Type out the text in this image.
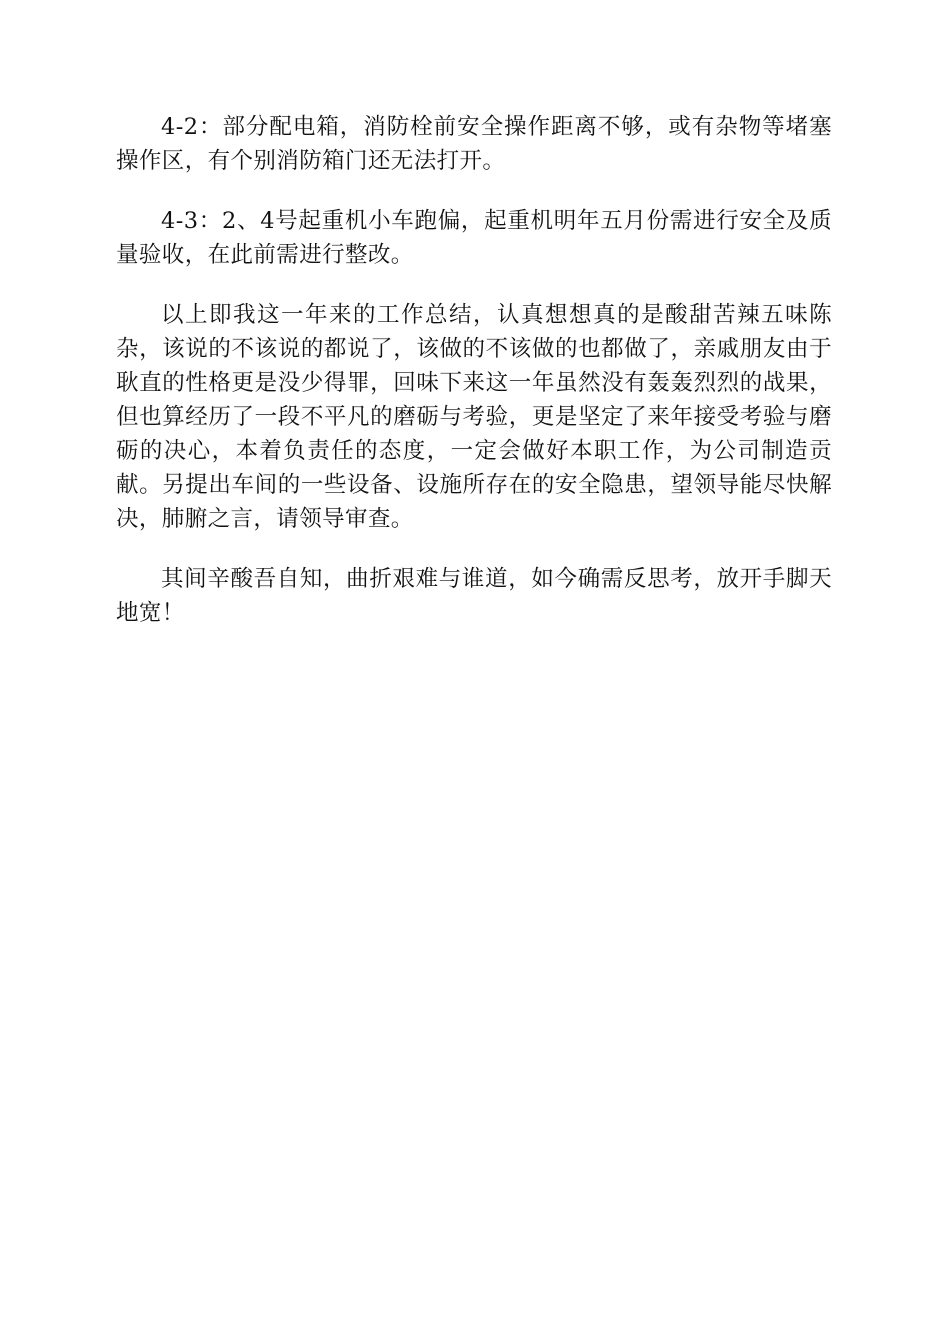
4-2：部分配电箱，消防栓前安全操作距离不够，或有杂物等堵塞操作区，有个别消防箱门还无法打开。

4-3：2、4号起重机小车跑偏，起重机明年五月份需进行安全及质量验收，在此前需进行整改。

以上即我这一年来的工作总结，认真想想真的是酸甜苦辣五味陈杂，该说的不该说的都说了，该做的不该做的也都做了，亲戚朋友由于耿直的性格更是没少得罪，回味下来这一年虽然没有轰轰烈烈的战果，但也算经历了一段不平凡的磨砺与考验，更是坚定了来年接受考验与磨砺的决心，本着负责任的态度，一定会做好本职工作，为公司制造贡献。另提出车间的一些设备、设施所存在的安全隐患，望领导能尽快解决，肺腑之言，请领导审查。

其间辛酸吾自知，曲折艰难与谁道，如今确需反思考，放开手脚天地宽！
